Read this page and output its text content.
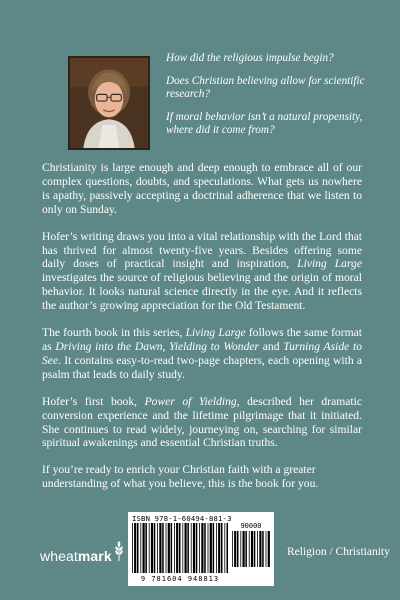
How did the religious impulse begin?

Does Christian believing allow for scientific research?

If moral behavior isn’t a natural propensity, where did it come from?

Christianity is large enough and deep enough to embrace all of our complex questions, doubts, and speculations. What gets us nowhere is apathy, passively accepting a doctrinal adherence that we listen to only on Sunday.

Hofer’s writing draws you into a vital relationship with the Lord that has thrived for almost twenty-five years. Besides offering some daily doses of practical insight and inspiration, Living Large investigates the source of religious believing and the origin of moral behavior. It looks natural science directly in the eye. And it reflects the author’s growing appreciation for the Old Testament.

The fourth book in this series, Living Large follows the same format as Driving into the Dawn, Yielding to Wonder and Turning Aside to See. It contains easy-to-read two-page chapters, each opening with a psalm that leads to daily study.

Hofer’s first book, Power of Yielding, described her dramatic conversion experience and the lifetime pilgrimage that it initiated. She continues to read widely, journeying on, searching for similar spiritual awakenings and essential Christian truths.

If you’re ready to enrich your Christian faith with a greater understanding of what you believe, this is the book for you.

wheatmark
ISBN 978-1-60494-881-3
90000
9 781604 948813
Religion / Christianity
